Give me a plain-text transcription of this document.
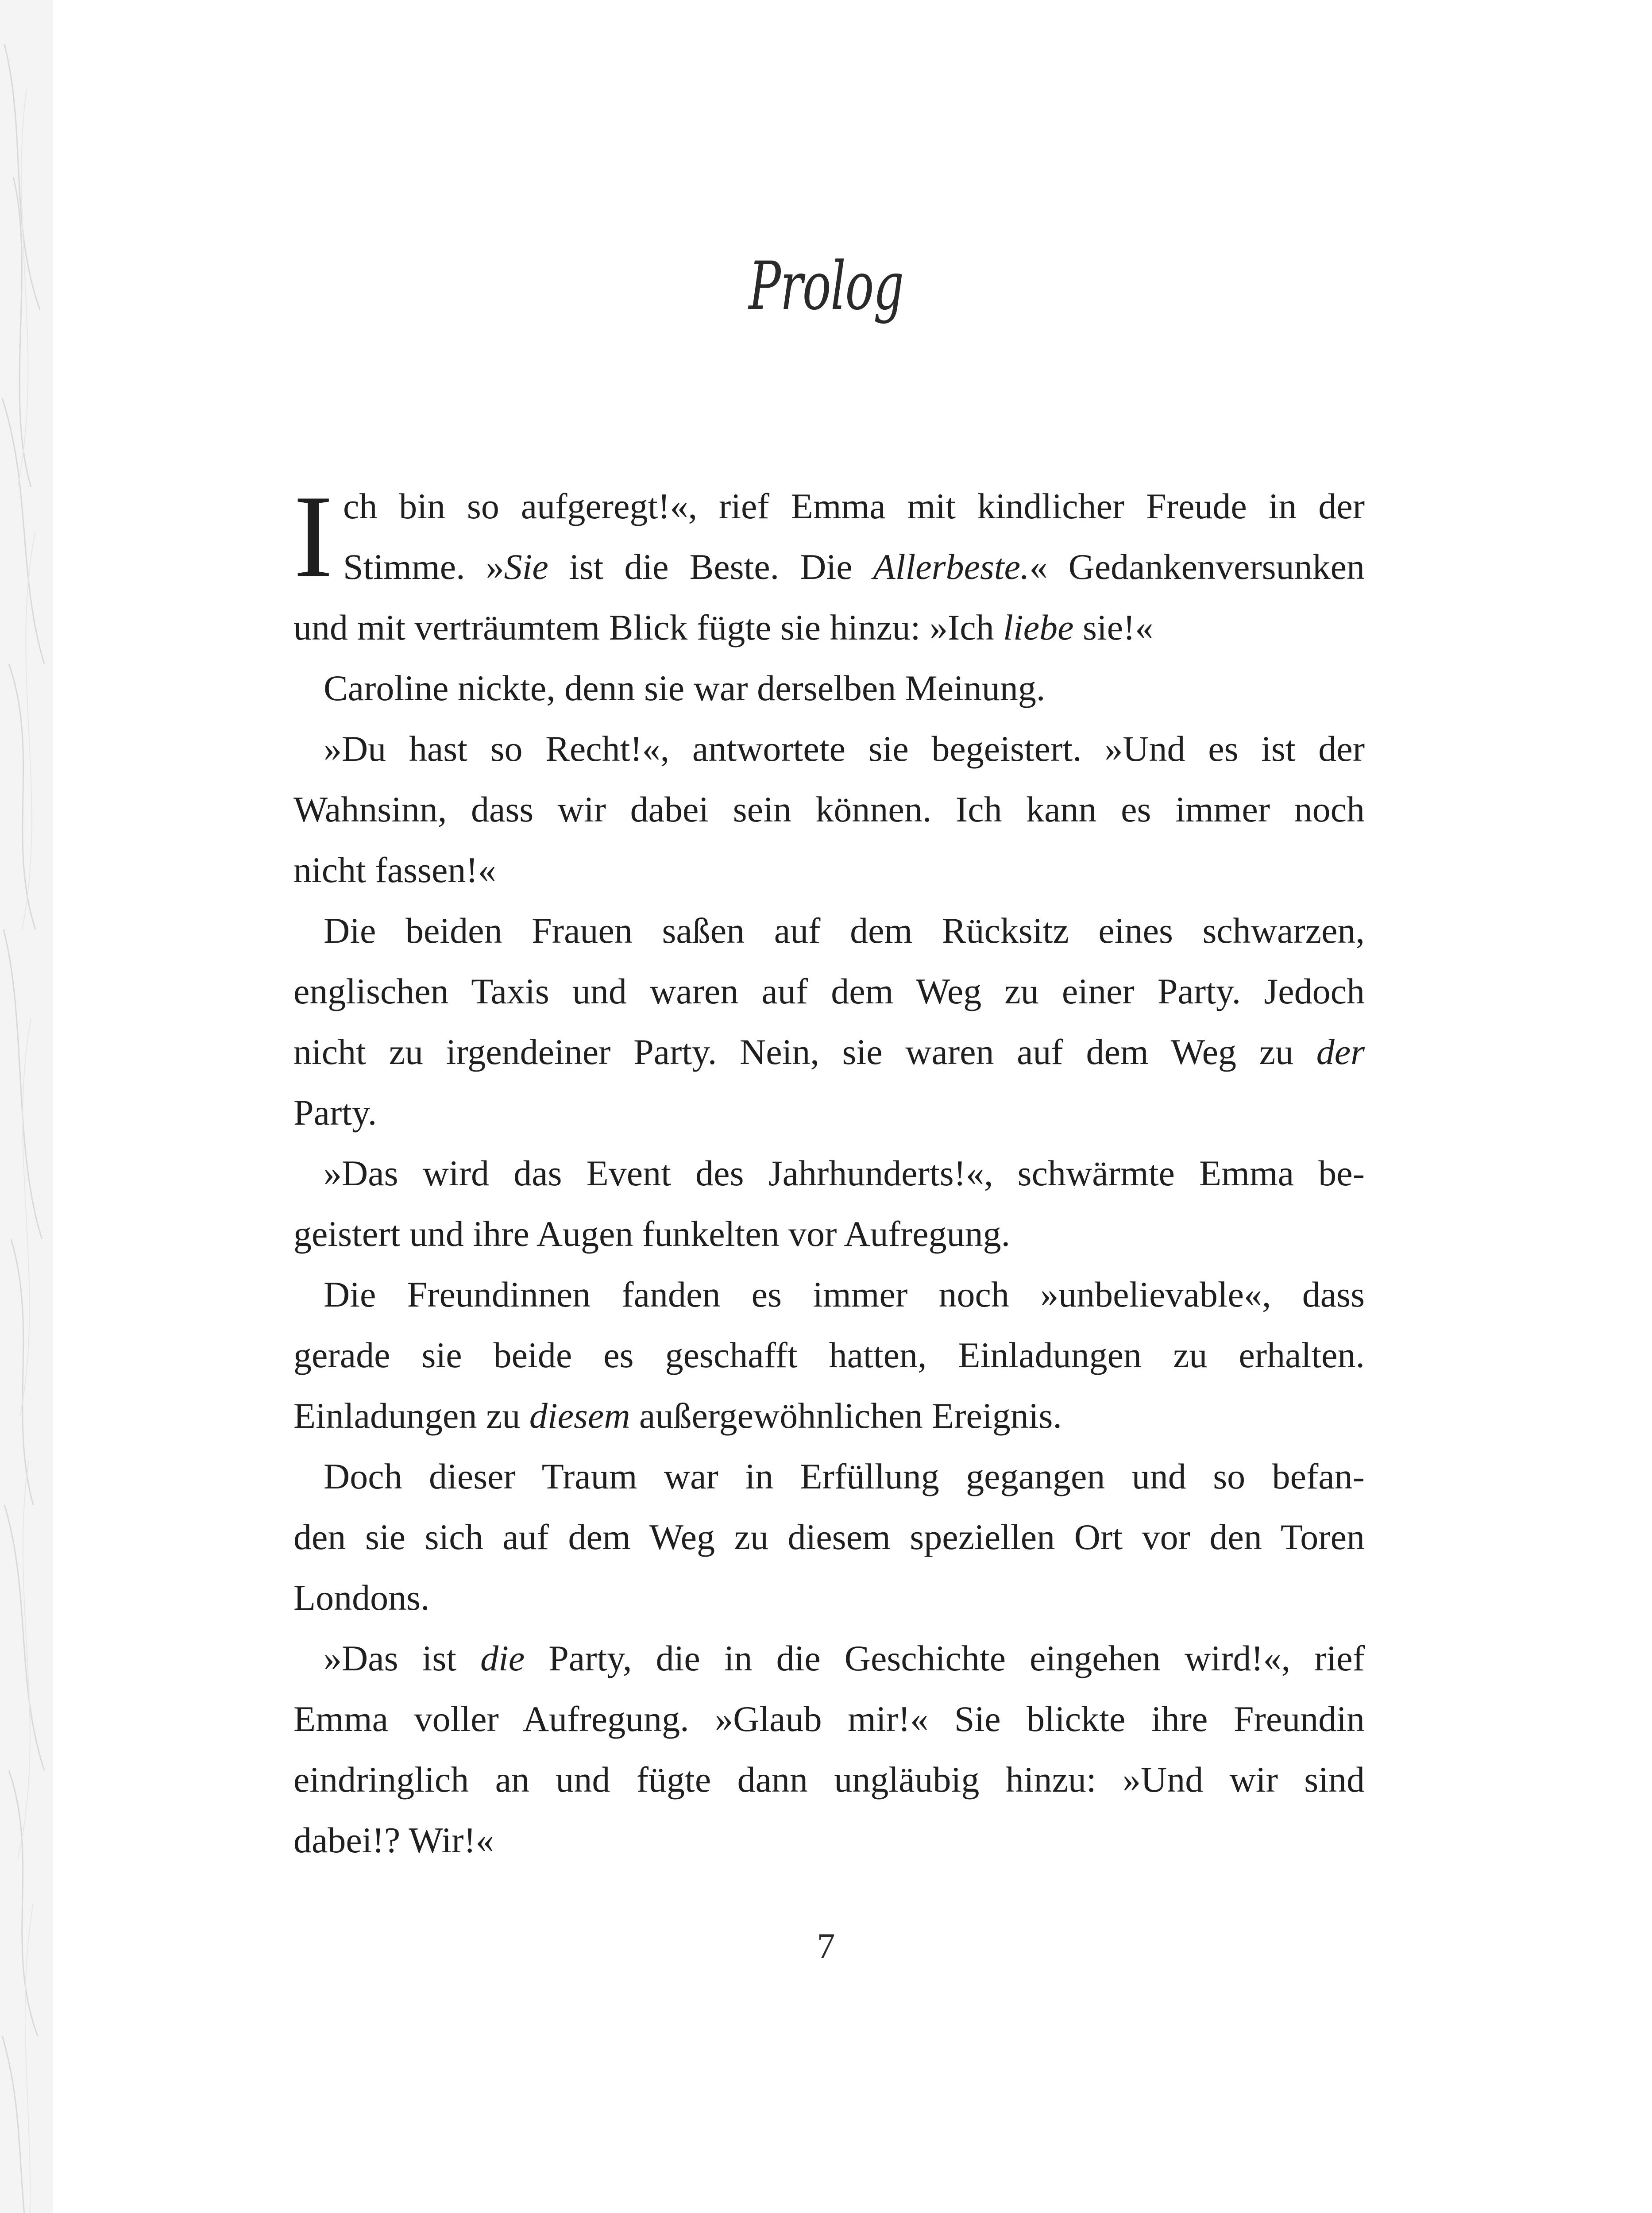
Prolog
I ch bin so aufgeregt!«, rief Emma mit kindlicher Freude in der
Stimme. »Sie ist die Beste. Die Allerbeste.« Gedankenversunken
und mit verträumtem Blick fügte sie hinzu: »Ich liebe sie!«
Caroline nickte, denn sie war derselben Meinung.
»Du hast so Recht!«, antwortete sie begeistert. »Und es ist der
Wahnsinn, dass wir dabei sein können. Ich kann es immer noch
nicht fassen!«
Die beiden Frauen saßen auf dem Rücksitz eines schwarzen,
englischen Taxis und waren auf dem Weg zu einer Party. Jedoch
nicht zu irgendeiner Party. Nein, sie waren auf dem Weg zu der
Party.
»Das wird das Event des Jahrhunderts!«, schwärmte Emma be-
geistert und ihre Augen funkelten vor Aufregung.
Die Freundinnen fanden es immer noch »unbelievable«, dass
gerade sie beide es geschafft hatten, Einladungen zu erhalten.
Einladungen zu diesem außergewöhnlichen Ereignis.
Doch dieser Traum war in Erfüllung gegangen und so befan-
den sie sich auf dem Weg zu diesem speziellen Ort vor den Toren
Londons.
»Das ist die Party, die in die Geschichte eingehen wird!«, rief
Emma voller Aufregung. »Glaub mir!« Sie blickte ihre Freundin
eindringlich an und fügte dann ungläubig hinzu: »Und wir sind
dabei!? Wir!«
7
